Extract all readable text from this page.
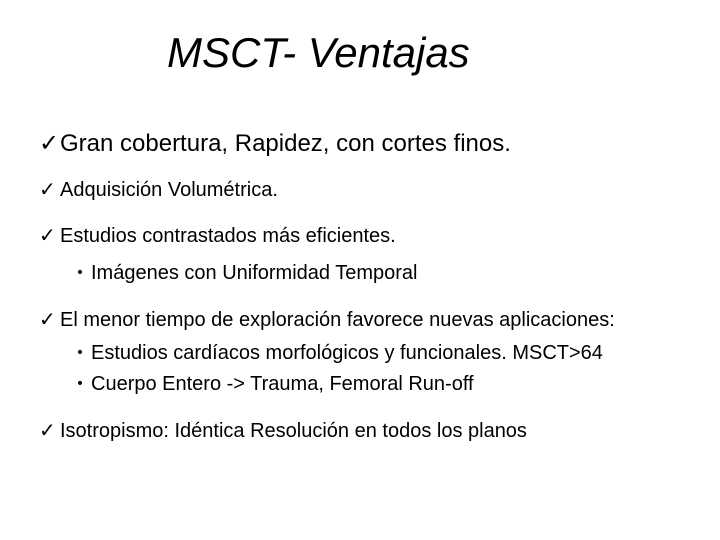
MSCT- Ventajas
✓Gran cobertura, Rapidez, con cortes finos.
✓ Adquisición Volumétrica.
✓ Estudios contrastados más eficientes.
• Imágenes con Uniformidad Temporal
✓ El menor tiempo de exploración favorece nuevas aplicaciones:
• Estudios cardíacos morfológicos y funcionales. MSCT>64
• Cuerpo Entero -> Trauma, Femoral Run-off
✓ Isotropismo: Idéntica Resolución en todos los planos
